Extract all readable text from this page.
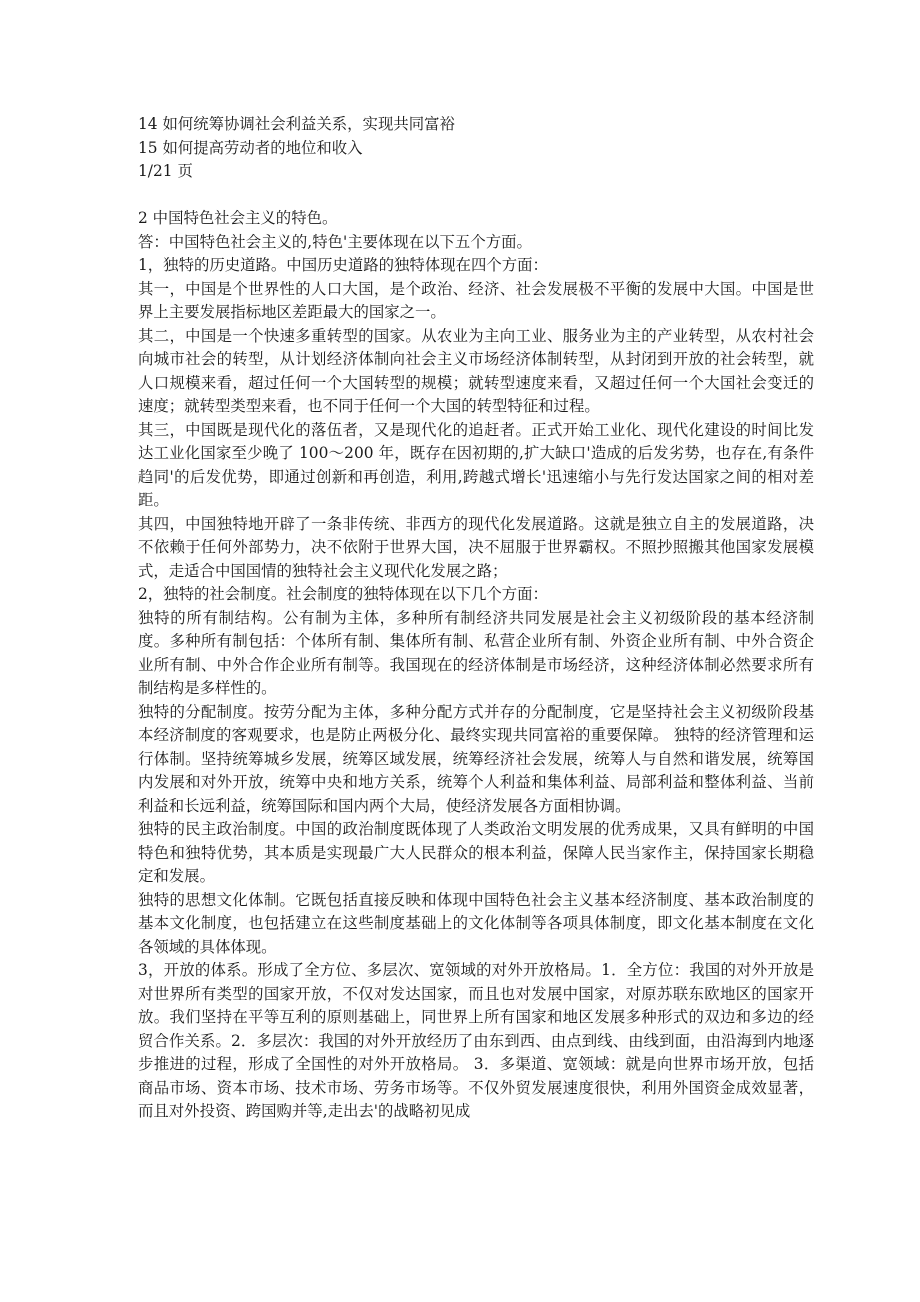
14 如何统筹协调社会利益关系，实现共同富裕

15 如何提高劳动者的地位和收入

1/21 页

2 中国特色社会主义的特色。

答：中国特色社会主义的,特色'主要体现在以下五个方面。

1，独特的历史道路。中国历史道路的独特体现在四个方面：

其一，中国是个世界性的人口大国，是个政治、经济、社会发展极不平衡的发展中大国。中国是世界上主要发展指标地区差距最大的国家之一。

其二，中国是一个快速多重转型的国家。从农业为主向工业、服务业为主的产业转型，从农村社会向城市社会的转型，从计划经济体制向社会主义市场经济体制转型，从封闭到开放的社会转型，就人口规模来看，超过任何一个大国转型的规模；就转型速度来看，又超过任何一个大国社会变迁的速度；就转型类型来看，也不同于任何一个大国的转型特征和过程。

其三，中国既是现代化的落伍者，又是现代化的追赶者。正式开始工业化、现代化建设的时间比发达工业化国家至少晚了 100～200 年，既存在因初期的,扩大缺口'造成的后发劣势，也存在,有条件趋同'的后发优势，即通过创新和再创造，利用,跨越式增长'迅速缩小与先行发达国家之间的相对差距。

其四，中国独特地开辟了一条非传统、非西方的现代化发展道路。这就是独立自主的发展道路，决不依赖于任何外部势力，决不依附于世界大国，决不屈服于世界霸权。不照抄照搬其他国家发展模式，走适合中国国情的独特社会主义现代化发展之路；

2，独特的社会制度。社会制度的独特体现在以下几个方面：

独特的所有制结构。公有制为主体，多种所有制经济共同发展是社会主义初级阶段的基本经济制度。多种所有制包括：个体所有制、集体所有制、私营企业所有制、外资企业所有制、中外合资企业所有制、中外合作企业所有制等。我国现在的经济体制是市场经济，这种经济体制必然要求所有制结构是多样性的。

独特的分配制度。按劳分配为主体，多种分配方式并存的分配制度，它是坚持社会主义初级阶段基本经济制度的客观要求，也是防止两极分化、最终实现共同富裕的重要保障。 独特的经济管理和运行体制。坚持统筹城乡发展，统筹区域发展，统筹经济社会发展，统筹人与自然和谐发展，统筹国内发展和对外开放，统筹中央和地方关系，统筹个人利益和集体利益、局部利益和整体利益、当前利益和长远利益，统筹国际和国内两个大局，使经济发展各方面相协调。

独特的民主政治制度。中国的政治制度既体现了人类政治文明发展的优秀成果，又具有鲜明的中国特色和独特优势，其本质是实现最广大人民群众的根本利益，保障人民当家作主，保持国家长期稳定和发展。

独特的思想文化体制。它既包括直接反映和体现中国特色社会主义基本经济制度、基本政治制度的基本文化制度，也包括建立在这些制度基础上的文化体制等各项具体制度，即文化基本制度在文化各领域的具体体现。

3，开放的体系。形成了全方位、多层次、宽领域的对外开放格局。1．全方位：我国的对外开放是对世界所有类型的国家开放，不仅对发达国家，而且也对发展中国家，对原苏联东欧地区的国家开放。我们坚持在平等互利的原则基础上，同世界上所有国家和地区发展多种形式的双边和多边的经贸合作关系。2．多层次：我国的对外开放经历了由东到西、由点到线、由线到面，由沿海到内地逐步推进的过程，形成了全国性的对外开放格局。 3．多渠道、宽领域：就是向世界市场开放，包括商品市场、资本市场、技术市场、劳务市场等。不仅外贸发展速度很快，利用外国资金成效显著，而且对外投资、跨国购并等,走出去'的战略初见成
